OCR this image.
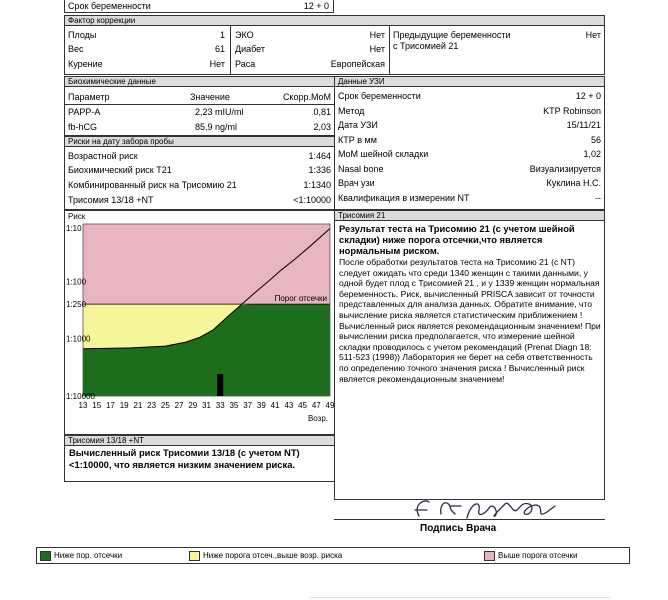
Срок беременности	12 + 0
Фактор коррекции
Плоды	1
Вес	61
Курение	Нет
ЭКО	Нет
Диабет	Нет
Раса	Европейская
Предыдущие беременности с Трисомией 21
Нет
Биохимические данные
Параметр	Значение	Скорр.MoM
PAPP-A	2,23 mIU/ml	0,81
fb-hCG	85,9 ng/ml	2,03
Риски на дату забора пробы
Возрастной риск	1:464
Биохимический риск T21	1:336
Комбинированный риск на Трисомию 21	1:1340
Трисомия 13/18 +NT	<1:10000
Данные УЗИ
Срок беременности	12 + 0
Метод	KTP Robinson
Дата УЗИ	15/11/21
КТР в мм	56
MoM шейной складки	1,02
Nasal bone	Визуализируется
Врач узи	Куклина Н.С.
Квалификация в измерении NT	--
Риск
Порог отсечки
1:10
1:100
1:250
1:1000
1:10000
13 15 17 19 21 23 25 27 29 31 33 35 37 39 41 43 45 47 49
Возр.
Трисомия 21
Результат теста на Трисомию 21 (с учетом шейной складки) ниже порога отсечки,что является нормальным риском.
После обработки результатов теста на Трисомию 21 (с NT) следует ожидать что среди 1340 женщин с такими данными, у одной будет плод с Трисомией 21 , и у 1339 женщин нормальная беременность. Риск, вычисленный PRISCA зависит от точности представленных для анализа данных. Обратите внимание, что вычисление риска является статистическим приближением ! Вычисленный риск является рекомендационным значением! При вычислении риска предполагается, что измерение шейной складки проводилось с учетом рекомендаций (Prenat Diagn 18: 511-523 (1998)) Лаборатория не берет на себя ответственность по определению точного значения риска ! Вычисленный риск является рекомендационным значением!
Трисомия 13/18 +NT
Вычисленный риск Трисомии 13/18 (с учетом NT) <1:10000, что является низким значением риска.
Подпись Врача
Ниже пор. отсечки	Ниже порога отсеч.,выше возр. риска	Выше порога отсечки
